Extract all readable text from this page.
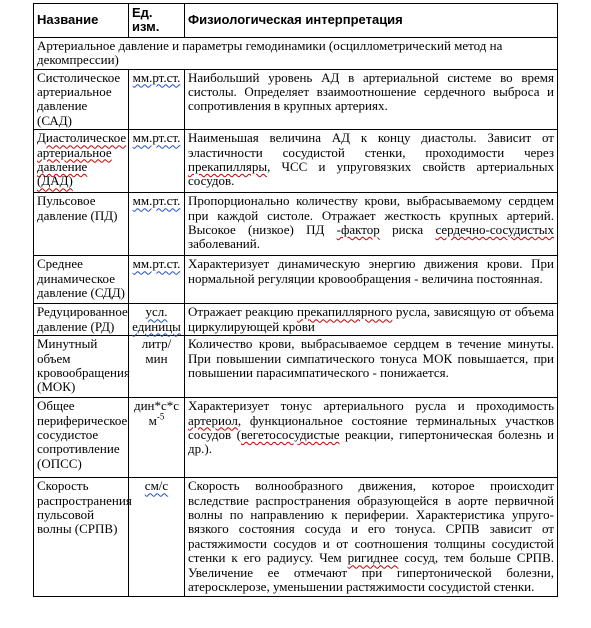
Название	Ед. изм.	Физиологическая интерпретация
Артериальное давление и параметры гемодинамики (осциллометрический метод на декомпрессии)		
Систолическое артериальное давление (САД)	мм.рт.ст.	Наибольший уровень АД в артериальной системе во время систолы. Определяет взаимоотношение сердечного выброса и сопротивления в крупных артериях.
Диастолическое артериальное давление (ДАД)	мм.рт.ст.	Наименьшая величина АД к концу диастолы. Зависит от эластичности сосудистой стенки, проходимости через прекапилляры, ЧСС и упруговязких свойств артериальных сосудов.
Пульсовое давление (ПД)	мм.рт.ст.	Пропорционально количеству крови, выбрасываемому сердцем при каждой систоле. Отражает жесткость крупных артерий. Высокое (низкое) ПД -фактор риска сердечно-сосудистых заболеваний.
Среднее динамическое давление (СДД)	мм.рт.ст.	Характеризует динамическую энергию движения крови. При нормальной регуляции кровообращения - величина постоянная.
Редуцированное давление (РД)	усл. единицы	Отражает реакцию прекапиллярного русла, зависящую от объема циркулирующей крови
Минутный объем кровообращения (МОК)	литр/мин	Количество крови, выбрасываемое сердцем в течение минуты. При повышении симпатического тонуса МОК повышается, при повышении парасимпатического - понижается.
Общее периферическое сосудистое сопротивление (ОПСС)	дин*с*с $м^{-5}$	Характеризует тонус артериального русла и проходимость артериол, функциональное состояние терминальных участков сосудов (вегетососудистые реакции, гипертоническая болезнь и др.).
Скорость распространения пульсовой волны (СРПВ)	см/с	Скорость волнообразного движения, которое происходит вследствие распространения образующейся в аорте первичной волны по направлению к периферии. Характеристика упруго-вязкого состояния сосуда и его тонуса. СРПВ зависит от растяжимости сосудов и от соотношения толщины сосудистой стенки к его радиусу. Чем ригиднее сосуд, тем больше СРПВ. Увеличение ее отмечают при гипертонической болезни, атеросклерозе, уменьшении растяжимости сосудистой стенки.
